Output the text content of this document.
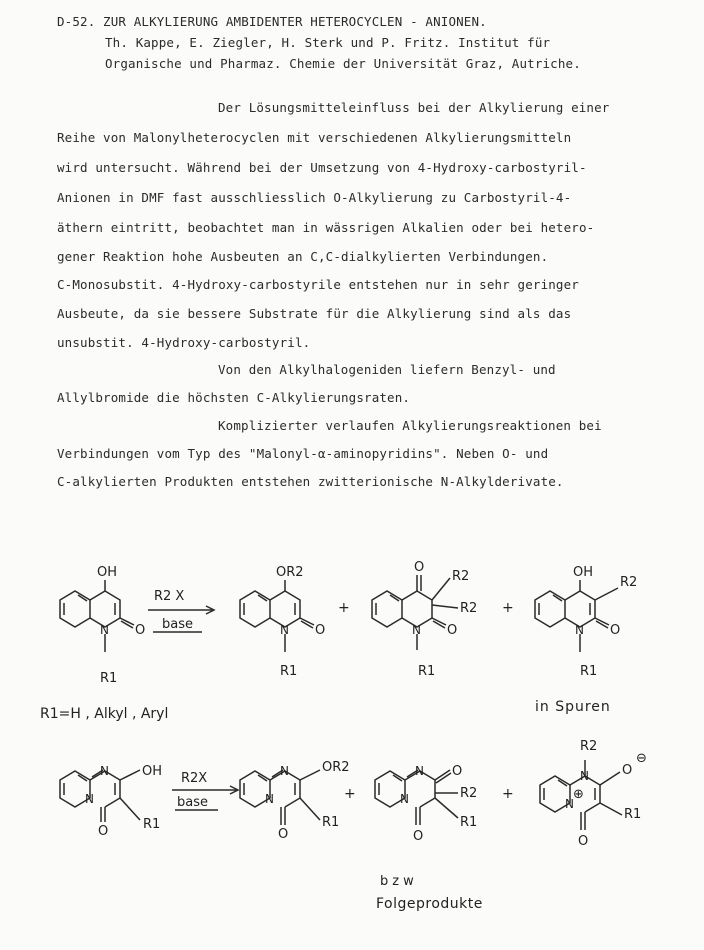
D-52. ZUR ALKYLIERUNG AMBIDENTER HETEROCYCLEN - ANIONEN.
Th. Kappe, E. Ziegler, H. Sterk und P. Fritz. Institut für
Organische und Pharmaz. Chemie der Universität Graz, Autriche.
Der Lösungsmitteleinfluss bei der Alkylierung einer
Reihe von Malonylheterocyclen mit verschiedenen Alkylierungsmitteln
wird untersucht. Während bei der Umsetzung von 4-Hydroxy-carbostyril-
Anionen in DMF fast ausschliesslich O-Alkylierung zu Carbostyril-4-
äthern eintritt, beobachtet man in wässrigen Alkalien oder bei hetero-
gener Reaktion hohe Ausbeuten an C,C-dialkylierten Verbindungen.
C-Monosubstit. 4-Hydroxy-carbostyrile entstehen nur in sehr geringer
Ausbeute, da sie bessere Substrate für die Alkylierung sind als das
unsubstit. 4-Hydroxy-carbostyril.
Von den Alkylhalogeniden liefern Benzyl- und
Allylbromide die höchsten C-Alkylierungsraten.
Komplizierter verlaufen Alkylierungsreaktionen bei
Verbindungen vom Typ des "Malonyl-α-aminopyridins". Neben O- und
C-alkylierten Produkten entstehen zwitterionische N-Alkylderivate.
OH
N O
R1
R2 X
base
OR2
N O
R1
+
O
R2
R2
N O
R1
+
OH
R2
N O
R1
R1=H , Alkyl , Aryl	in Spuren
N
N
OH
R1
O
R2X
base
N
N
OR2
R1
O
+
N
N
O
R2
R1
O
+
R2
N
N
⊕
O
⊖
R1
O
bzw
Folgeprodukte
